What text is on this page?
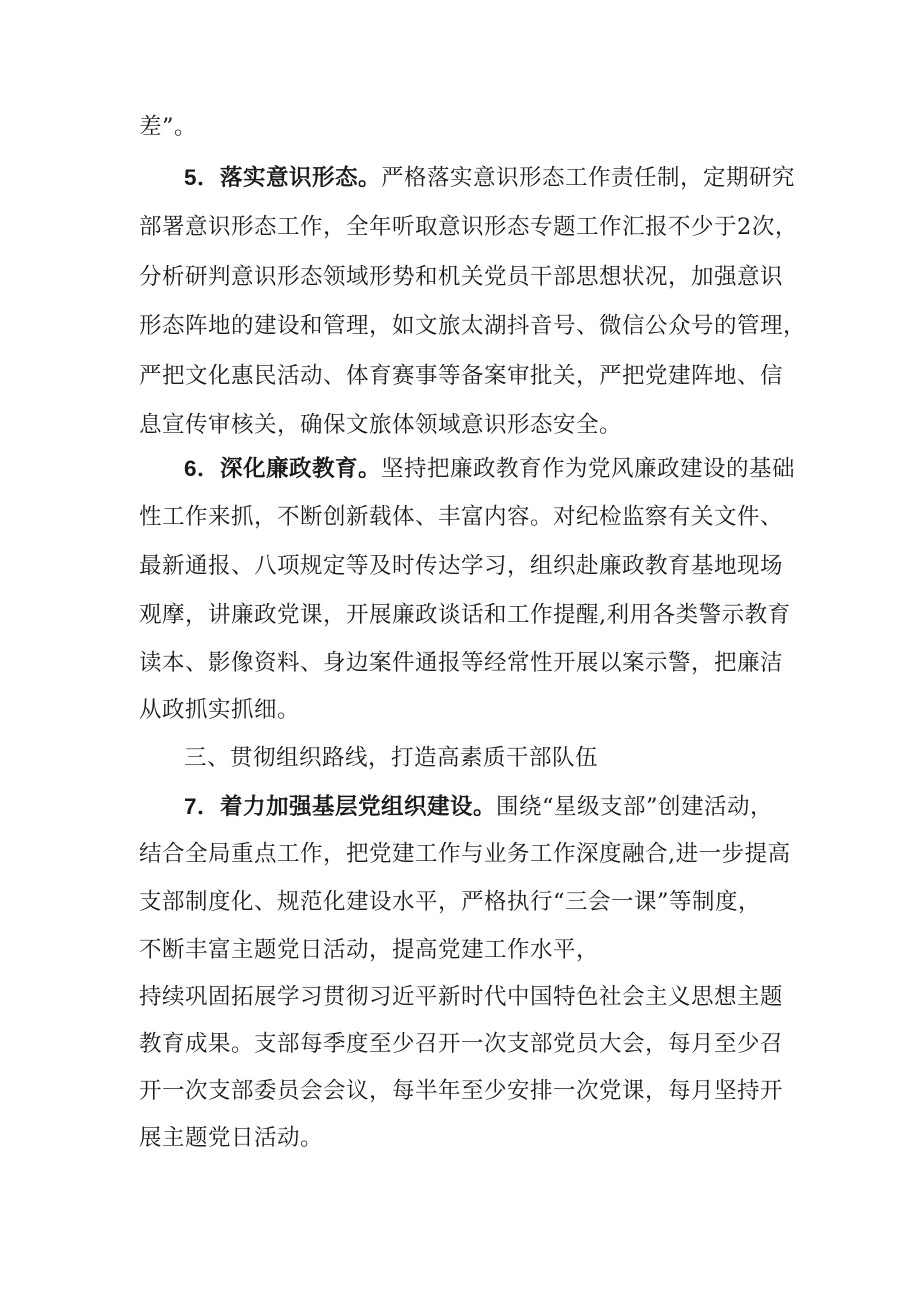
差”。
5．落实意识形态。严格落实意识形态工作责任制，定期研究
部署意识形态工作，全年听取意识形态专题工作汇报不少于2次，
分析研判意识形态领域形势和机关党员干部思想状况，加强意识
形态阵地的建设和管理，如文旅太湖抖音号、微信公众号的管理，
严把文化惠民活动、体育赛事等备案审批关，严把党建阵地、信
息宣传审核关，确保文旅体领域意识形态安全。
6．深化廉政教育。坚持把廉政教育作为党风廉政建设的基础
性工作来抓，不断创新载体、丰富内容。对纪检监察有关文件、
最新通报、八项规定等及时传达学习，组织赴廉政教育基地现场
观摩，讲廉政党课，开展廉政谈话和工作提醒,利用各类警示教育
读本、影像资料、身边案件通报等经常性开展以案示警，把廉洁
从政抓实抓细。
三、贯彻组织路线，打造高素质干部队伍
7．着力加强基层党组织建设。围绕“星级支部”创建活动，
结合全局重点工作，把党建工作与业务工作深度融合,进一步提高
支部制度化、规范化建设水平，严格执行“三会一课”等制度，
不断丰富主题党日活动，提高党建工作水平，
持续巩固拓展学习贯彻习近平新时代中国特色社会主义思想主题
教育成果。支部每季度至少召开一次支部党员大会，每月至少召
开一次支部委员会会议，每半年至少安排一次党课，每月坚持开
展主题党日活动。
